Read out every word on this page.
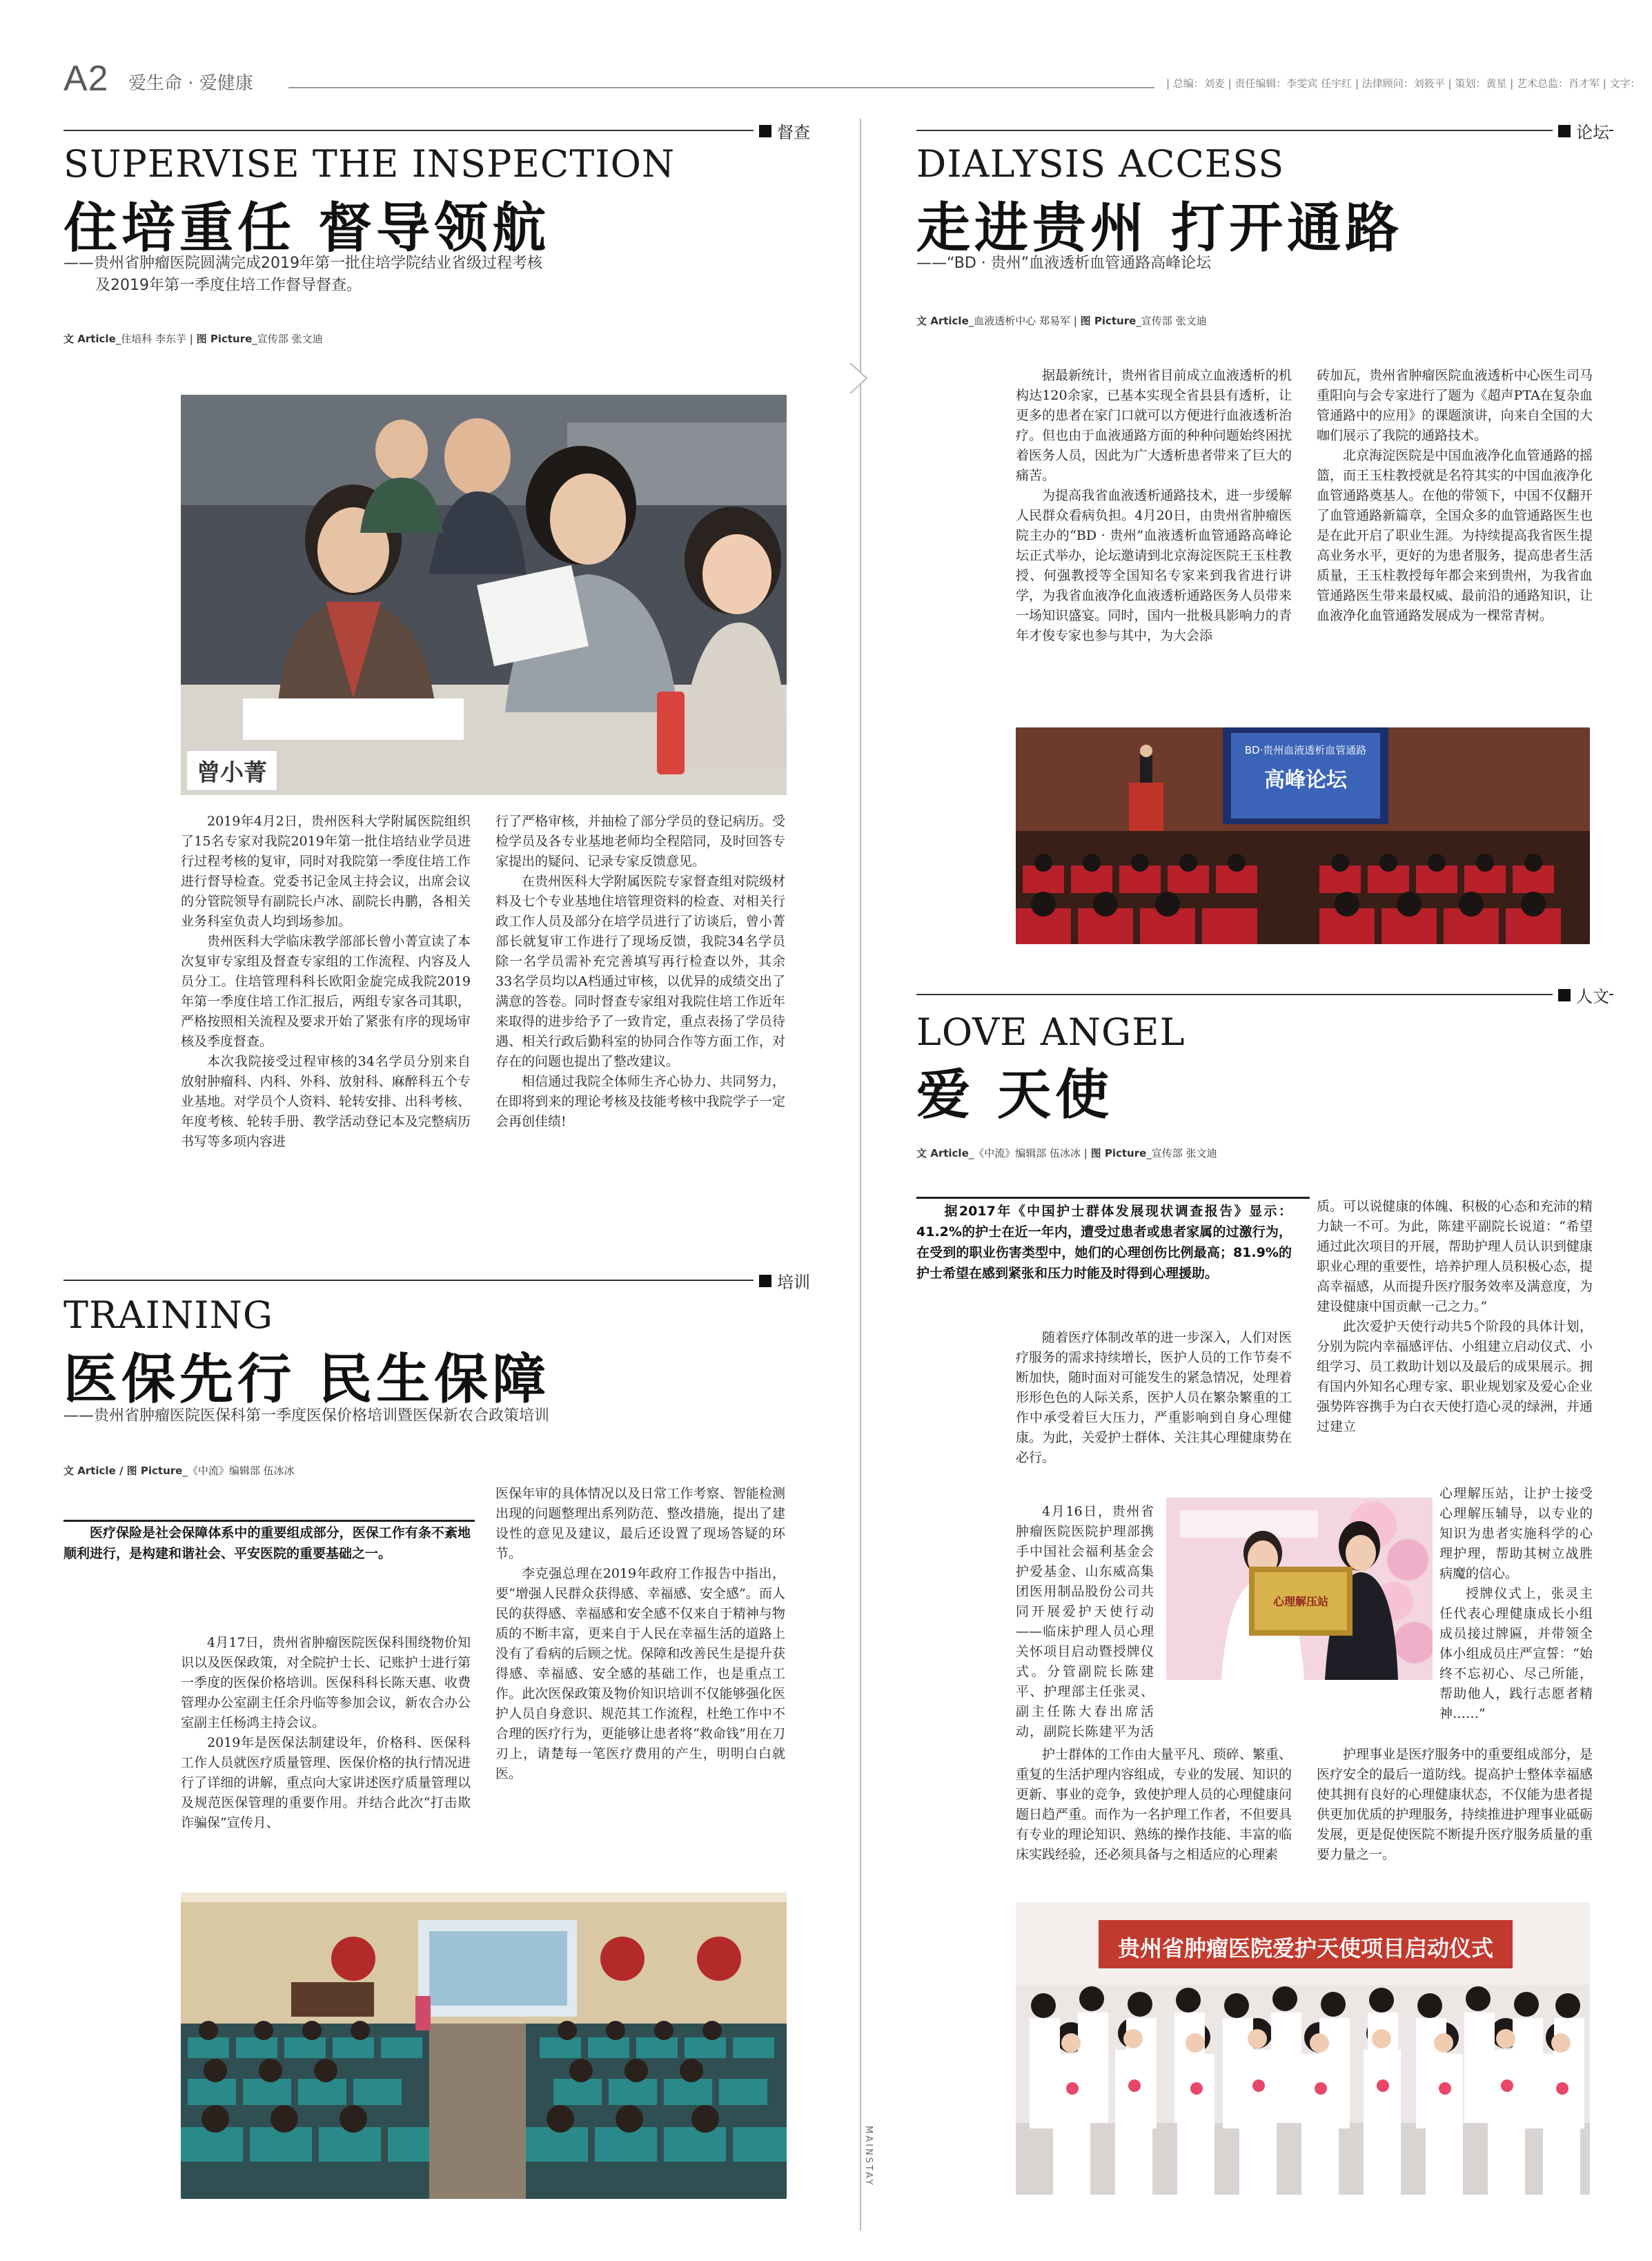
A2 爱生命 · 爱健康	| 总编：刘麦 | 责任编辑：李雯宾 任宇红 | 法律顾问：刘筱平 | 策划：黄星 | 艺术总监：肖才军 | 文字：
MAINSTAY
督查
SUPERVISE THE INSPECTION
住培重任 督导领航
——贵州省肿瘤医院圆满完成2019年第一批住培学院结业省级过程考核
及2019年第一季度住培工作督导督查。
文 Article_住培科 李东芋 | 图 Picture_宣传部 张文迪
曾小菁

2019年4月2日，贵州医科大学附属医院组织了15名专家对我院2019年第一批住培结业学员进行过程考核的复审，同时对我院第一季度住培工作进行督导检查。党委书记金凤主持会议，出席会议的分管院领导有副院长卢冰、副院长冉鹏，各相关业务科室负责人均到场参加。

贵州医科大学临床教学部部长曾小菁宣读了本次复审专家组及督查专家组的工作流程、内容及人员分工。住培管理科科长欧阳金旋完成我院2019年第一季度住培工作汇报后，两组专家各司其职，严格按照相关流程及要求开始了紧张有序的现场审核及季度督查。

本次我院接受过程审核的34名学员分别来自放射肿瘤科、内科、外科、放射科、麻醉科五个专业基地。对学员个人资料、轮转安排、出科考核、年度考核、轮转手册、教学活动登记本及完整病历书写等多项内容进

行了严格审核，并抽检了部分学员的登记病历。受检学员及各专业基地老师均全程陪同，及时回答专家提出的疑问、记录专家反馈意见。

在贵州医科大学附属医院专家督查组对院级材料及七个专业基地住培管理资料的检查、对相关行政工作人员及部分在培学员进行了访谈后，曾小菁部长就复审工作进行了现场反馈，我院34名学员除一名学员需补充完善填写再行检查以外，其余33名学员均以A档通过审核，以优异的成绩交出了满意的答卷。同时督查专家组对我院住培工作近年来取得的进步给予了一致肯定，重点表扬了学员待遇、相关行政后勤科室的协同合作等方面工作，对存在的问题也提出了整改建议。

相信通过我院全体师生齐心协力、共同努力，在即将到来的理论考核及技能考核中我院学子一定会再创佳绩!

培训
TRAINING
医保先行 民生保障
——贵州省肿瘤医院医保科第一季度医保价格培训暨医保新农合政策培训
文 Article / 图 Picture_《中流》编辑部 伍冰冰
医疗保险是社会保障体系中的重要组成部分，医保工作有条不紊地顺利进行，是构建和谐社会、平安医院的重要基础之一。

4月17日，贵州省肿瘤医院医保科围绕物价知识以及医保政策，对全院护士长、记账护士进行第一季度的医保价格培训。医保科科长陈天惠、收费管理办公室副主任余丹临等参加会议，新农合办公室副主任杨鸿主持会议。

2019年是医保法制建设年，价格科、医保科工作人员就医疗质量管理、医保价格的执行情况进行了详细的讲解，重点向大家讲述医疗质量管理以及规范医保管理的重要作用。并结合此次“打击欺诈骗保”宣传月、

医保年审的具体情况以及日常工作考察、智能检测出现的问题整理出系列防范、整改措施，提出了建设性的意见及建议，最后还设置了现场答疑的环节。

李克强总理在2019年政府工作报告中指出，要“增强人民群众获得感、幸福感、安全感”。而人民的获得感、幸福感和安全感不仅来自于精神与物质的不断丰富，更来自于人民在幸福生活的道路上没有了看病的后顾之忧。保障和改善民生是提升获得感、幸福感、安全感的基础工作，也是重点工作。此次医保政策及物价知识培训不仅能够强化医护人员自身意识、规范其工作流程，杜绝工作中不合理的医疗行为，更能够让患者将“救命钱”用在刀刃上，请楚每一笔医疗费用的产生，明明白白就医。

论坛
DIALYSIS ACCESS
走进贵州 打开通路
——“BD · 贵州”血液透析血管通路高峰论坛
文 Article_血液透析中心 郑易军 | 图 Picture_宣传部 张文迪

据最新统计，贵州省目前成立血液透析的机构达120余家，已基本实现全省县县有透析，让更多的患者在家门口就可以方便进行血液透析治疗。但也由于血液通路方面的种种问题始终困扰着医务人员，因此为广大透析患者带来了巨大的痛苦。

为提高我省血液透析通路技术，进一步缓解人民群众看病负担。4月20日，由贵州省肿瘤医院主办的“BD · 贵州”血液透析血管通路高峰论坛正式举办，论坛邀请到北京海淀医院王玉柱教授、何强教授等全国知名专家来到我省进行讲学，为我省血液净化血液透析通路医务人员带来一场知识盛宴。同时，国内一批极具影响力的青年才俊专家也参与其中，为大会添

砖加瓦，贵州省肿瘤医院血液透析中心医生司马重阳向与会专家进行了题为《超声PTA在复杂血管通路中的应用》的课题演讲，向来自全国的大咖们展示了我院的通路技术。

北京海淀医院是中国血液净化血管通路的摇篮，而王玉柱教授就是名符其实的中国血液净化血管通路奠基人。在他的带领下，中国不仅翻开了血管通路新篇章，全国众多的血管通路医生也是在此开启了职业生涯。为持续提高我省医生提高业务水平，更好的为患者服务，提高患者生活质量，王玉柱教授每年都会来到贵州，为我省血管通路医生带来最权威、最前沿的通路知识，让血液净化血管通路发展成为一棵常青树。

BD·贵州血液透析血管通路
高峰论坛
人文
LOVE ANGEL
爱 天使
文 Article_《中流》编辑部 伍冰冰 | 图 Picture_宣传部 张文迪
据2017年《中国护士群体发展现状调查报告》显示：41.2%的护士在近一年内，遭受过患者或患者家属的过激行为，在受到的职业伤害类型中，她们的心理创伤比例最高；81.9%的护士希望在感到紧张和压力时能及时得到心理援助。

随着医疗体制改革的进一步深入，人们对医疗服务的需求持续增长，医护人员的工作节奏不断加快，随时面对可能发生的紧急情况，处理着形形色色的人际关系，医护人员在繁杂繁重的工作中承受着巨大压力，严重影响到自身心理健康。为此，关爱护士群体、关注其心理健康势在必行。

4月16日，贵州省肿瘤医院医院护理部携手中国社会福利基金会护爱基金、山东威高集团医用制品股份公司共同开展爱护天使行动——临床护理人员心理关怀项目启动暨授牌仪式。分管副院长陈建平、护理部主任张灵、副主任陈大春出席活动，副院长陈建平为活

护士群体的工作由大量平凡、琐碎、繁重、重复的生活护理内容组成，专业的发展、知识的更新、事业的竞争，致使护理人员的心理健康问题日趋严重。而作为一名护理工作者，不但要具有专业的理论知识、熟练的操作技能、丰富的临床实践经验，还必须具备与之相适应的心理素

质。可以说健康的体魄、积极的心态和充沛的精力缺一不可。为此，陈建平副院长说道：“希望通过此次项目的开展，帮助护理人员认识到健康职业心理的重要性，培养护理人员积极心态，提高幸福感，从而提升医疗服务效率及满意度，为建设健康中国贡献一己之力。”

此次爱护天使行动共5个阶段的具体计划，分别为院内幸福感评估、小组建立启动仪式、小组学习、员工救助计划以及最后的成果展示。拥有国内外知名心理专家、职业规划家及爱心企业强势阵容携手为白衣天使打造心灵的绿洲，并通过建立

心理解压站，让护士接受心理解压辅导，以专业的知识为患者实施科学的心理护理，帮助其树立战胜病魔的信心。

授牌仪式上，张灵主任代表心理健康成长小组成员接过牌匾，并带领全体小组成员庄严宣誓：“始终不忘初心、尽己所能，帮助他人，践行志愿者精神……”

护理事业是医疗服务中的重要组成部分，是医疗安全的最后一道防线。提高护士整体幸福感使其拥有良好的心理健康状态，不仅能为患者提供更加优质的护理服务，持续推进护理事业砥砺发展，更是促使医院不断提升医疗服务质量的重要力量之一。

心理解压站
贵州省肿瘤医院爱护天使项目启动仪式
